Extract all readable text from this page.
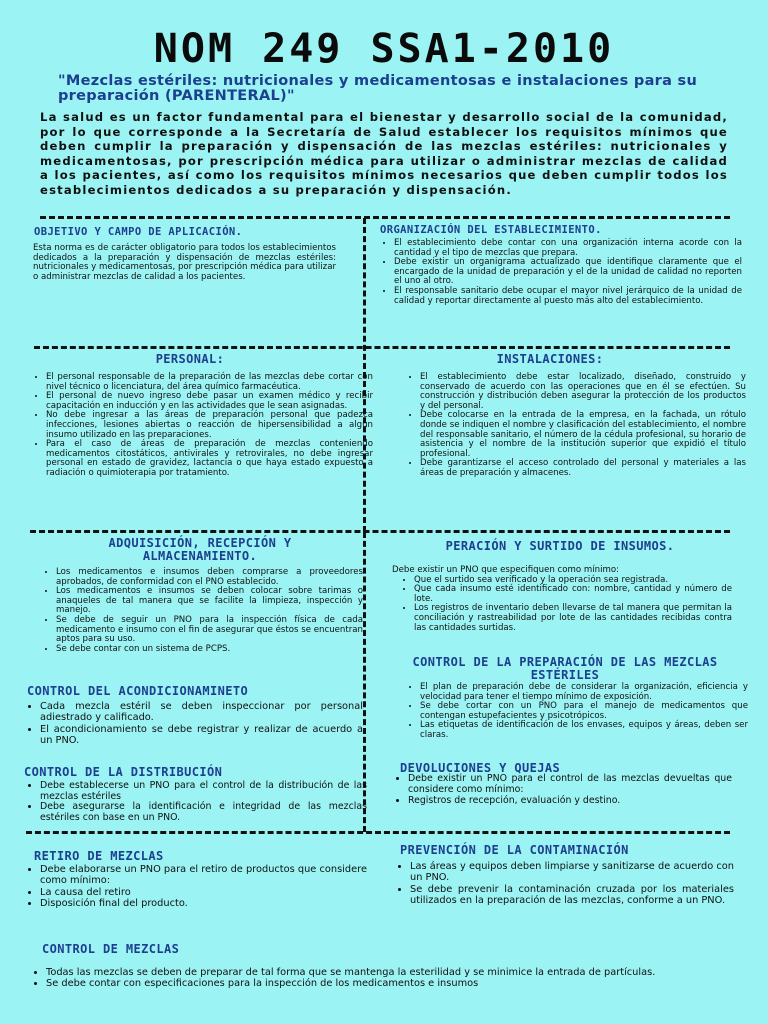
NOM 249 SSA1-2010
"Mezclas estériles: nutricionales y medicamentosas e instalaciones para su preparación (PARENTERAL)"

La salud es un factor fundamental para el bienestar y desarrollo social de la comunidad, por lo que corresponde a la Secretaría de Salud establecer los requisitos mínimos que deben cumplir la preparación y dispensación de las mezclas estériles: nutricionales y medicamentosas, por prescripción médica para utilizar o administrar mezclas de calidad a los pacientes, así como los requisitos mínimos necesarios que deben cumplir todos los establecimientos dedicados a su preparación y dispensación.

OBJETIVO Y CAMPO DE APLICACIÓN.

Esta norma es de carácter obligatorio para todos los establecimientos dedicados a la preparación y dispensación de mezclas estériles: nutricionales y medicamentosas, por prescripción médica para utilizar o administrar mezclas de calidad a los pacientes.

ORGANIZACIÓN DEL ESTABLECIMIENTO.
• El establecimiento debe contar con una organización interna acorde con la cantidad y el tipo de mezclas que prepara.
• Debe existir un organigrama actualizado que identifique claramente que el encargado de la unidad de preparación y el de la unidad de calidad no reporten el uno al otro.
• El responsable sanitario debe ocupar el mayor nivel jerárquico de la unidad de calidad y reportar directamente al puesto más alto del establecimiento.
PERSONAL:
• El personal responsable de la preparación de las mezclas debe cortar con nivel técnico o licenciatura, del área químico farmacéutica.
• El personal de nuevo ingreso debe pasar un examen médico y recibir capacitación en inducción y en las actividades que le sean asignadas.
• No debe ingresar a las áreas de preparación personal que padezca infecciones, lesiones abiertas o reacción de hipersensibilidad a algún insumo utilizado en las preparaciones.
• Para el caso de áreas de preparación de mezclas conteniendo medicamentos citostáticos, antivirales y retrovirales, no debe ingresar personal en estado de gravidez, lactancia o que haya estado expuesto a radiación o quimioterapia por tratamiento.
INSTALACIONES:
• El establecimiento debe estar localizado, diseñado, construido y conservado de acuerdo con las operaciones que en él se efectúen. Su construcción y distribución deben asegurar la protección de los productos y del personal.
• Debe colocarse en la entrada de la empresa, en la fachada, un rótulo donde se indiquen el nombre y clasificación del establecimiento, el nombre del responsable sanitario, el número de la cédula profesional, su horario de asistencia y el nombre de la institución superior que expidió el título profesional.
• Debe garantizarse el acceso controlado del personal y materiales a las áreas de preparación y almacenes.
ADQUISICIÓN, RECEPCIÓN Y ALMACENAMIENTO.
• Los medicamentos e insumos deben comprarse a proveedores aprobados, de conformidad con el PNO establecido.
• Los medicamentos e insumos se deben colocar sobre tarimas o anaqueles de tal manera que se facilite la limpieza, inspección y manejo.
• Se debe de seguir un PNO para la inspección física de cada medicamento e insumo con el fin de asegurar que éstos se encuentran aptos para su uso.
• Se debe contar con un sistema de PCPS.
PERACIÓN Y SURTIDO DE INSUMOS.

Debe existir un PNO que especifiquen como mínimo:

• Que el surtido sea verificado y la operación sea registrada.
• Que cada insumo esté identificado con: nombre, cantidad y número de lote.
• Los registros de inventario deben llevarse de tal manera que permitan la conciliación y rastreabilidad por lote de las cantidades recibidas contra las cantidades surtidas.
CONTROL DE LA PREPARACIÓN DE LAS MEZCLAS ESTÉRILES
• El plan de preparación debe de considerar la organización, eficiencia y velocidad para tener el tiempo mínimo de exposición.
• Se debe cortar con un PNO para el manejo de medicamentos que contengan estupefacientes y psicotrópicos.
• Las etiquetas de identificación de los envases, equipos y áreas, deben ser claras.
CONTROL DEL ACONDICIONAMINETO
• Cada mezcla estéril se deben inspeccionar por personal adiestrado y calificado.
• El acondicionamiento se debe registrar y realizar de acuerdo a un PNO.
CONTROL DE LA DISTRIBUCIÓN
• Debe establecerse un PNO para el control de la distribución de las mezclas estériles
• Debe asegurarse la identificación e integridad de las mezclas estériles con base en un PNO.
DEVOLUCIONES Y QUEJAS
• Debe existir un PNO para el control de las mezclas devueltas que considere como mínimo:
• Registros de recepción, evaluación y destino.
RETIRO DE MEZCLAS
• Debe elaborarse un PNO para el retiro de productos que considere como mínimo:
• La causa del retiro
• Disposición final del producto.
PREVENCIÓN DE LA CONTAMINACIÓN
• Las áreas y equipos deben limpiarse y sanitizarse de acuerdo con un PNO.
• Se debe prevenir la contaminación cruzada por los materiales utilizados en la preparación de las mezclas, conforme a un PNO.
CONTROL DE MEZCLAS
• Todas las mezclas se deben de preparar de tal forma que se mantenga la esterilidad y se minimice la entrada de partículas.
• Se debe contar con especificaciones para la inspección de los medicamentos e insumos
